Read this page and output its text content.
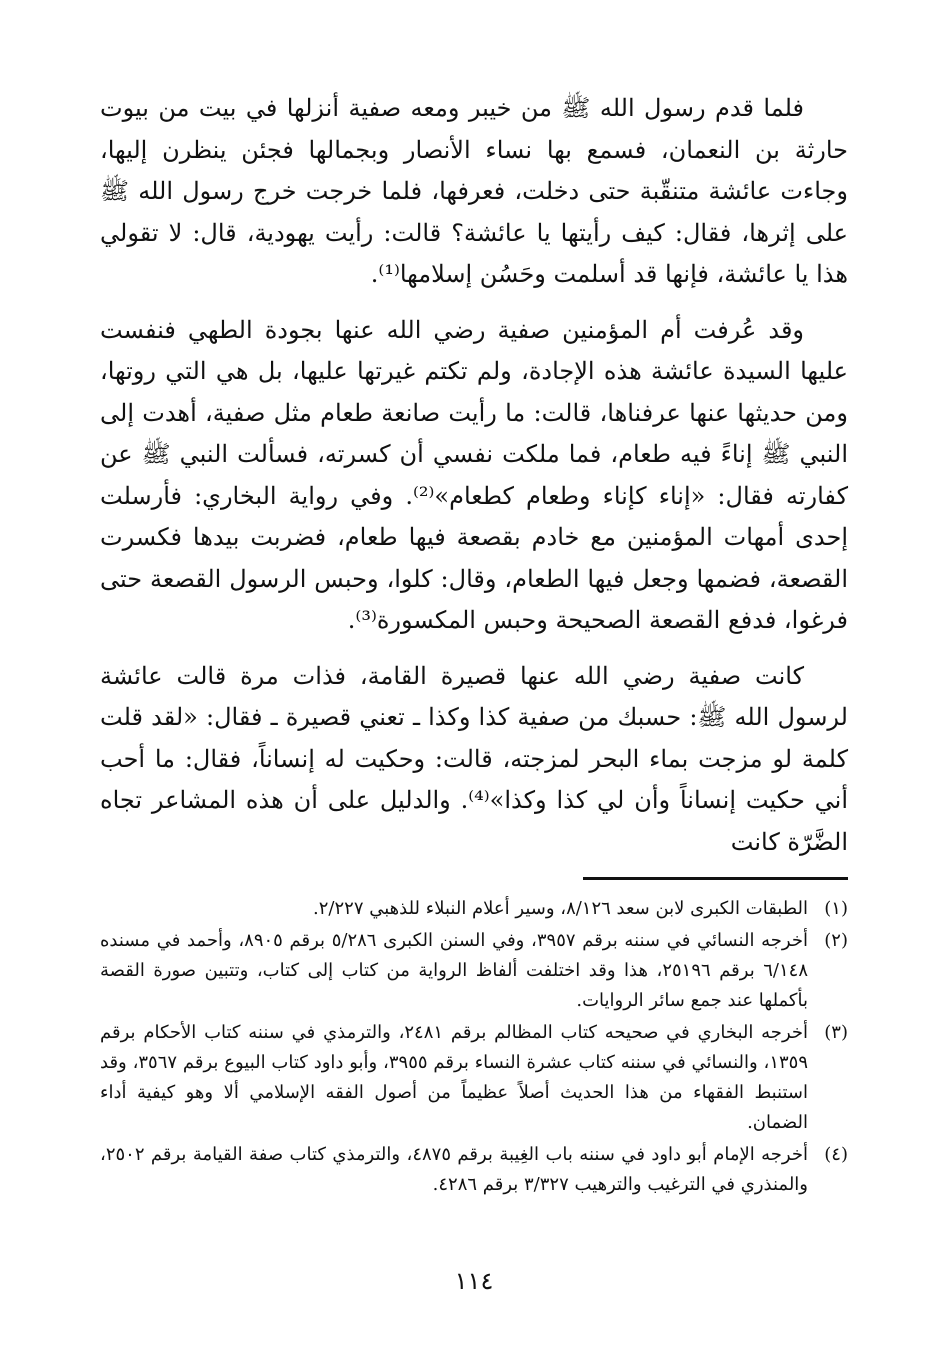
فلما قدم رسول الله ﷺ من خيبر ومعه صفية أنزلها في بيت من بيوت حارثة بن النعمان، فسمع بها نساء الأنصار وبجمالها فجئن ينظرن إليها، وجاءت عائشة متنقّبة حتى دخلت، فعرفها، فلما خرجت خرج رسول الله ﷺ على إثرها، فقال: كيف رأيتها يا عائشة؟ قالت: رأيت يهودية، قال: لا تقولي هذا يا عائشة، فإنها قد أسلمت وحَسُن إسلامها⁽¹⁾.

وقد عُرفت أم المؤمنين صفية رضي الله عنها بجودة الطهي فنفست عليها السيدة عائشة هذه الإجادة، ولم تكتم غيرتها عليها، بل هي التي روتها، ومن حديثها عنها عرفناها، قالت: ما رأيت صانعة طعام مثل صفية، أهدت إلى النبي ﷺ إناءً فيه طعام، فما ملكت نفسي أن كسرته، فسألت النبي ﷺ عن كفارته فقال: «إناء كإناء وطعام كطعام»⁽²⁾. وفي رواية البخاري: فأرسلت إحدى أمهات المؤمنين مع خادم بقصعة فيها طعام، فضربت بيدها فكسرت القصعة، فضمها وجعل فيها الطعام، وقال: كلوا، وحبس الرسول القصعة حتى فرغوا، فدفع القصعة الصحيحة وحبس المكسورة⁽³⁾.

كانت صفية رضي الله عنها قصيرة القامة، فذات مرة قالت عائشة لرسول الله ﷺ: حسبك من صفية كذا وكذا ـ تعني قصيرة ـ فقال: «لقد قلت كلمة لو مزجت بماء البحر لمزجته، قالت: وحكيت له إنساناً، فقال: ما أحب أني حكيت إنساناً وأن لي كذا وكذا»⁽⁴⁾. والدليل على أن هذه المشاعر تجاه الضَّرّة كانت

(١)
الطبقات الكبرى لابن سعد ٨/١٢٦، وسير أعلام النبلاء للذهبي ٢/٢٢٧.
(٢)
أخرجه النسائي في سننه برقم ٣٩٥٧، وفي السنن الكبرى ٥/٢٨٦ برقم ٨٩٠٥، وأحمد في مسنده ٦/١٤٨ برقم ٢٥١٩٦، هذا وقد اختلفت ألفاظ الرواية من كتاب إلى كتاب، وتتبين صورة القصة بأكملها عند جمع سائر الروايات.
(٣)
أخرجه البخاري في صحيحه كتاب المظالم برقم ٢٤٨١، والترمذي في سننه كتاب الأحكام برقم ١٣٥٩، والنسائي في سننه كتاب عشرة النساء برقم ٣٩٥٥، وأبو داود كتاب البيوع برقم ٣٥٦٧، وقد استنبط الفقهاء من هذا الحديث أصلاً عظيماً من أصول الفقه الإسلامي ألا وهو كيفية أداء الضمان.
(٤)
أخرجه الإمام أبو داود في سننه باب الغِيبة برقم ٤٨٧٥، والترمذي كتاب صفة القيامة برقم ٢٥٠٢، والمنذري في الترغيب والترهيب ٣/٣٢٧ برقم ٤٢٨٦.
١١٤
